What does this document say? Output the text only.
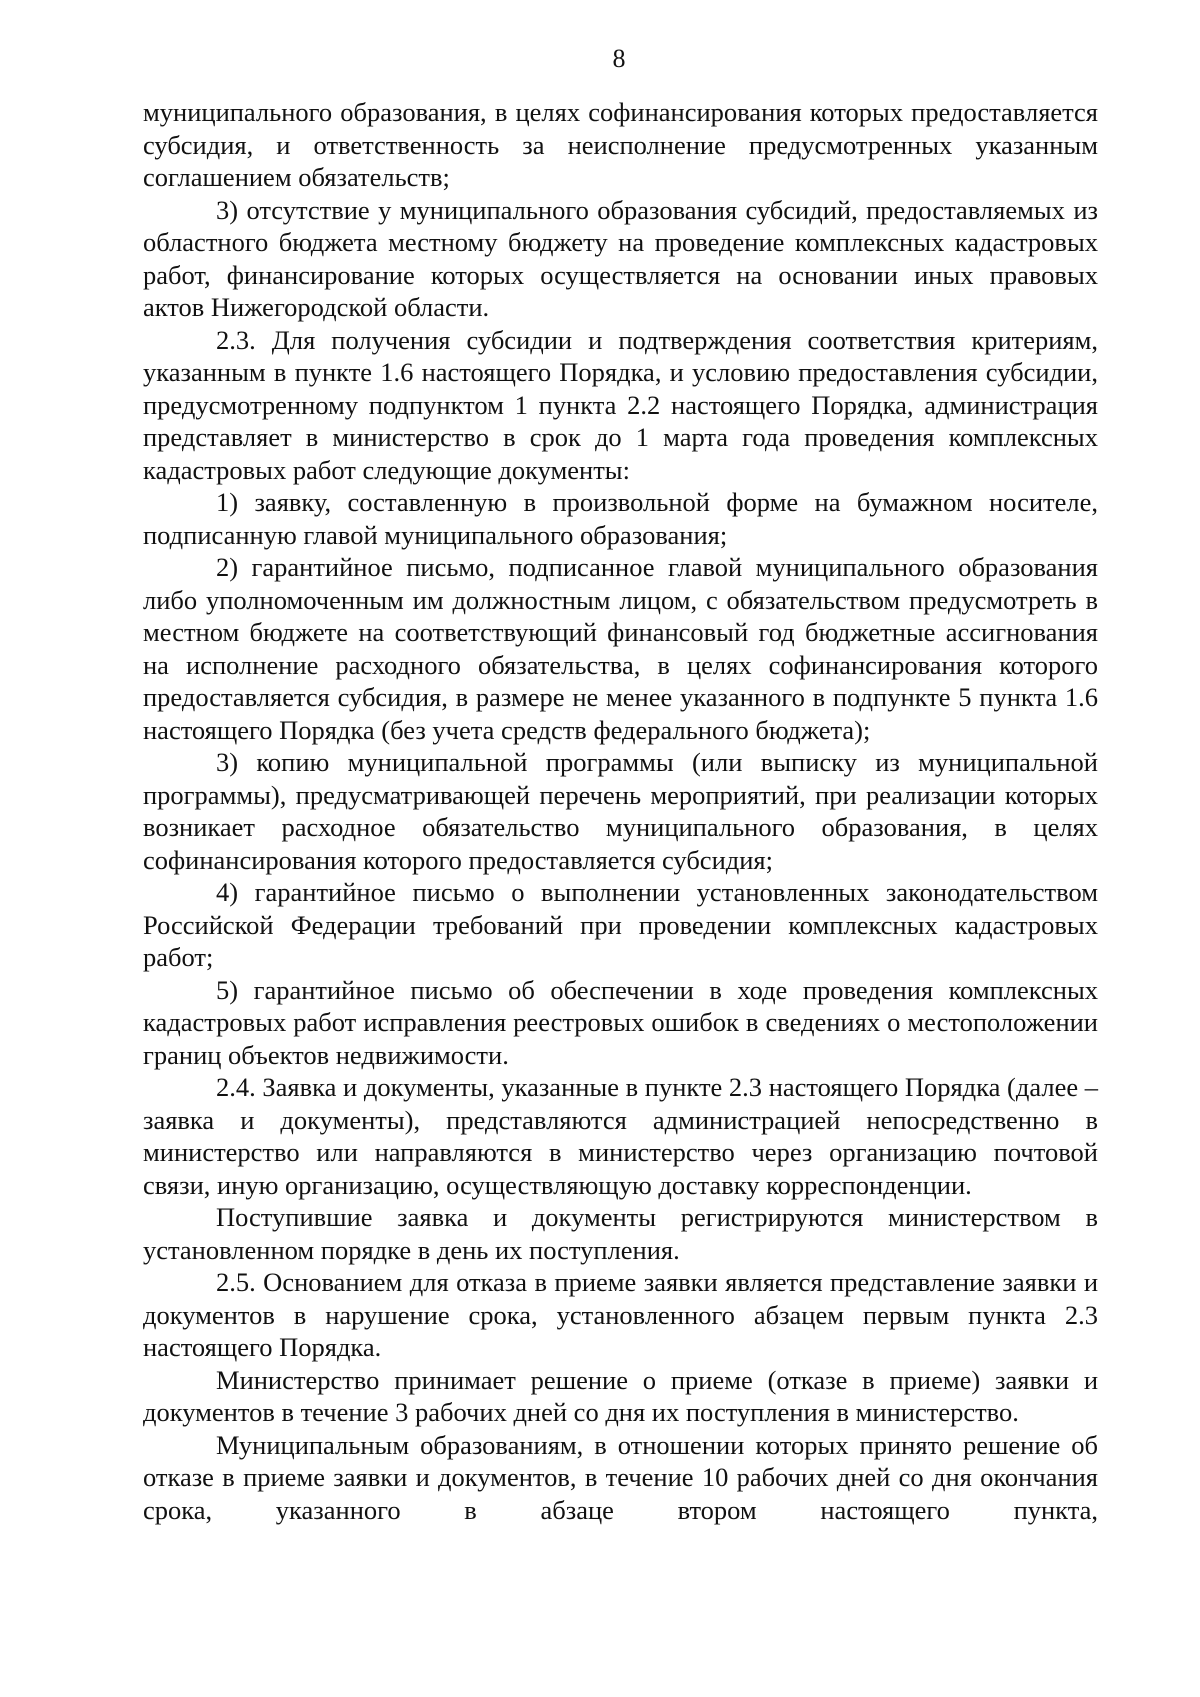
8

муниципального образования, в целях софинансирования которых предоставляется субсидия, и ответственность за неисполнение предусмотренных указанным соглашением обязательств;

3) отсутствие у муниципального образования субсидий, предоставляемых из областного бюджета местному бюджету на проведение комплексных кадастровых работ, финансирование которых осуществляется на основании иных правовых актов Нижегородской области.

2.3. Для получения субсидии и подтверждения соответствия критериям, указанным в пункте 1.6 настоящего Порядка, и условию предоставления субсидии, предусмотренному подпунктом 1 пункта 2.2 настоящего Порядка, администрация представляет в министерство в срок до 1 марта года проведения комплексных кадастровых работ следующие документы:

1) заявку, составленную в произвольной форме на бумажном носителе, подписанную главой муниципального образования;

2) гарантийное письмо, подписанное главой муниципального образования либо уполномоченным им должностным лицом, с обязательством предусмотреть в местном бюджете на соответствующий финансовый год бюджетные ассигнования на исполнение расходного обязательства, в целях софинансирования которого предоставляется субсидия, в размере не менее указанного в подпункте 5 пункта 1.6 настоящего Порядка (без учета средств федерального бюджета);

3) копию муниципальной программы (или выписку из муниципальной программы), предусматривающей перечень мероприятий, при реализации которых возникает расходное обязательство муниципального образования, в целях софинансирования которого предоставляется субсидия;

4) гарантийное письмо о выполнении установленных законодательством Российской Федерации требований при проведении комплексных кадастровых работ;

5) гарантийное письмо об обеспечении в ходе проведения комплексных кадастровых работ исправления реестровых ошибок в сведениях о местоположении границ объектов недвижимости.

2.4. Заявка и документы, указанные в пункте 2.3 настоящего Порядка (далее – заявка и документы), представляются администрацией непосредственно в министерство или направляются в министерство через организацию почтовой связи, иную организацию, осуществляющую доставку корреспонденции.

Поступившие заявка и документы регистрируются министерством в установленном порядке в день их поступления.

2.5. Основанием для отказа в приеме заявки является представление заявки и документов в нарушение срока, установленного абзацем первым пункта 2.3 настоящего Порядка.

Министерство принимает решение о приеме (отказе в приеме) заявки и документов в течение 3 рабочих дней со дня их поступления в министерство.

Муниципальным образованиям, в отношении которых принято решение об отказе в приеме заявки и документов, в течение 10 рабочих дней со дня окончания срока, указанного в абзаце втором настоящего пункта,
